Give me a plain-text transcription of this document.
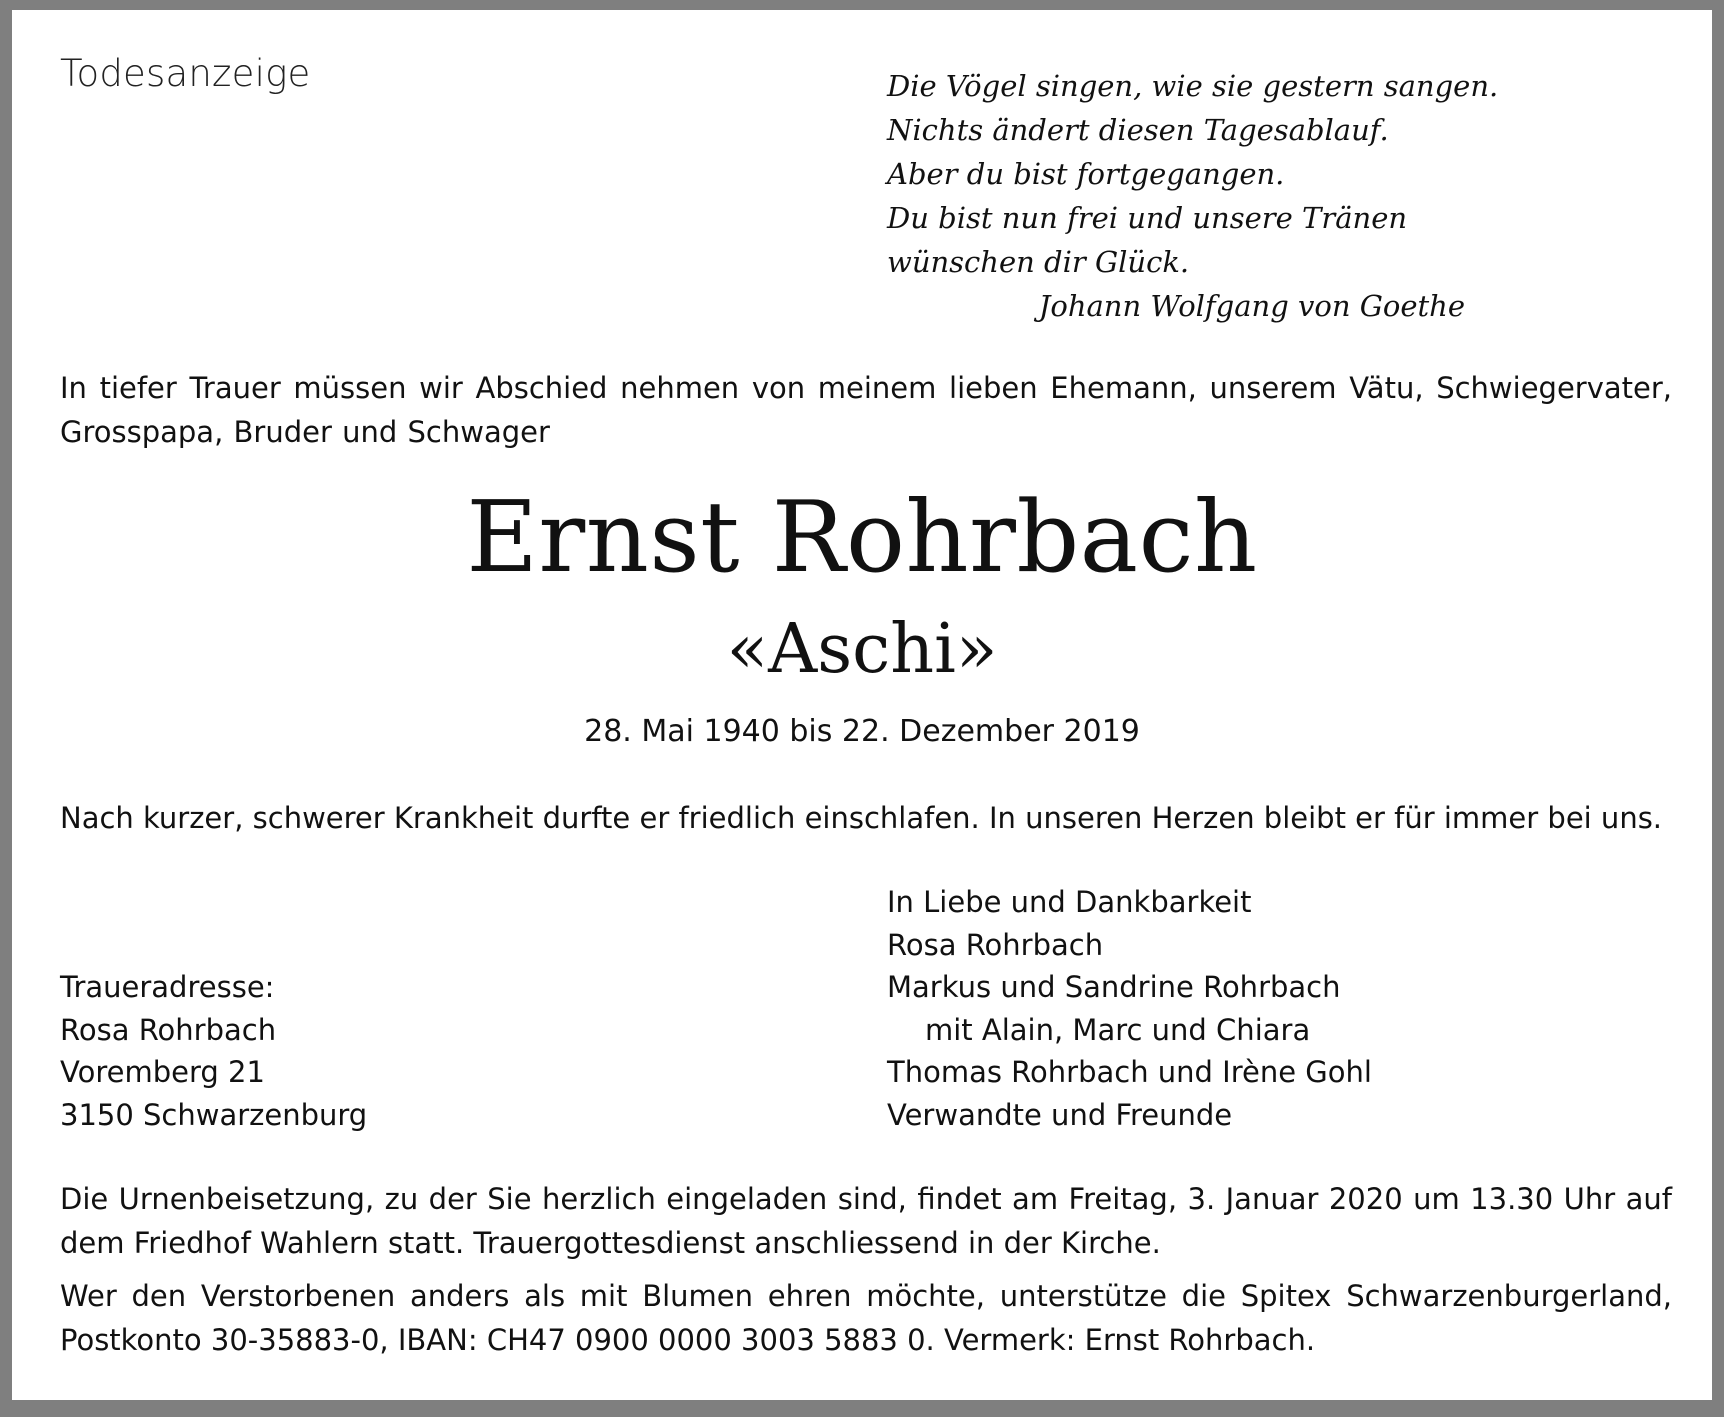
Todesanzeige	Die Vögel singen, wie sie gestern sangen.
Nichts ändert diesen Tagesablauf.
Aber du bist fortgegangen.
Du bist nun frei und unsere Tränen
wünschen dir Glück.
Johann Wolfgang von Goethe
In tiefer Trauer müssen wir Abschied nehmen von meinem lieben Ehemann, unserem Vätu, Schwiegervater, Grosspapa, Bruder und Schwager
Ernst Rohrbach
«Aschi»
28. Mai 1940 bis 22. Dezember 2019
Nach kurzer, schwerer Krankheit durfte er friedlich einschlafen. In unseren Herzen bleibt er für immer bei uns.
Traueradresse:
Rosa Rohrbach
Voremberg 21
3150 Schwarzenburg
In Liebe und Dankbarkeit
Rosa Rohrbach
Markus und Sandrine Rohrbach
mit Alain, Marc und Chiara
Thomas Rohrbach und Irène Gohl
Verwandte und Freunde
Die Urnenbeisetzung, zu der Sie herzlich eingeladen sind, findet am Freitag, 3. Januar 2020 um 13.30 Uhr auf dem Friedhof Wahlern statt. Trauergottesdienst anschliessend in der Kirche.
Wer den Verstorbenen anders als mit Blumen ehren möchte, unterstütze die Spitex Schwarzenburgerland, Postkonto 30-35883-0, IBAN: CH47 0900 0000 3003 5883 0. Vermerk: Ernst Rohrbach.
